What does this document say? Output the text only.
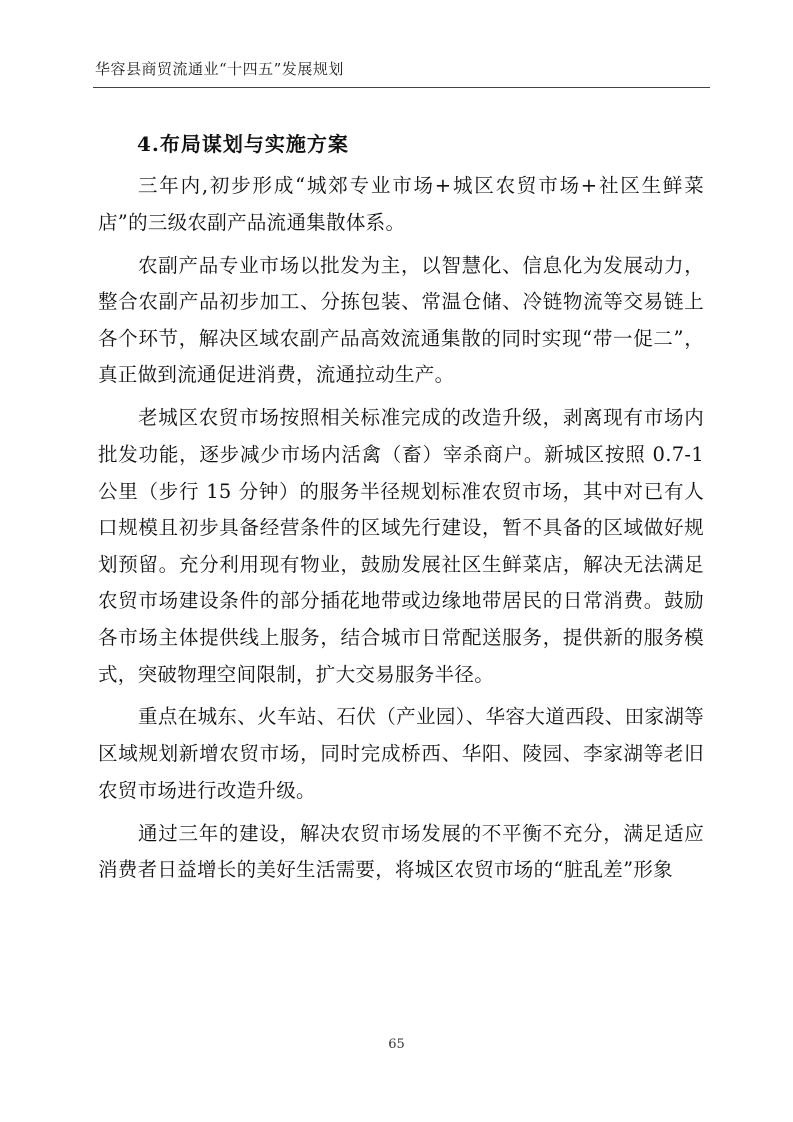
华容县商贸流通业“十四五”发展规划
4.布局谋划与实施方案

三年内,初步形成“城郊专业市场+城区农贸市场+社区生鲜菜店”的三级农副产品流通集散体系。

农副产品专业市场以批发为主，以智慧化、信息化为发展动力，整合农副产品初步加工、分拣包装、常温仓储、冷链物流等交易链上各个环节，解决区域农副产品高效流通集散的同时实现“带一促二”，真正做到流通促进消费，流通拉动生产。

老城区农贸市场按照相关标准完成的改造升级，剥离现有市场内批发功能，逐步减少市场内活禽（畜）宰杀商户。新城区按照 0.7-1 公里（步行 15 分钟）的服务半径规划标准农贸市场，其中对已有人口规模且初步具备经营条件的区域先行建设，暂不具备的区域做好规划预留。充分利用现有物业，鼓励发展社区生鲜菜店，解决无法满足农贸市场建设条件的部分插花地带或边缘地带居民的日常消费。鼓励各市场主体提供线上服务，结合城市日常配送服务，提供新的服务模式，突破物理空间限制，扩大交易服务半径。

重点在城东、火车站、石伏（产业园）、华容大道西段、田家湖等区域规划新增农贸市场，同时完成桥西、华阳、陵园、李家湖等老旧农贸市场进行改造升级。

通过三年的建设，解决农贸市场发展的不平衡不充分，满足适应消费者日益增长的美好生活需要，将城区农贸市场的“脏乱差”形象

65
